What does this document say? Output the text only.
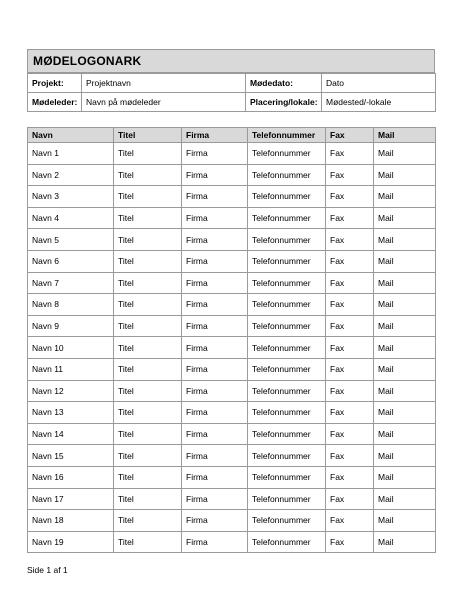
MØDELOGONARK
Projekt:	Projektnavn	Mødedato:	Dato
Mødeleder:	Navn på mødeleder	Placering/lokale:	Mødested/-lokale
Navn	Titel	Firma	Telefonnummer	Fax	Mail
Navn 1	Titel	Firma	Telefonnummer	Fax	Mail
Navn 2	Titel	Firma	Telefonnummer	Fax	Mail
Navn 3	Titel	Firma	Telefonnummer	Fax	Mail
Navn 4	Titel	Firma	Telefonnummer	Fax	Mail
Navn 5	Titel	Firma	Telefonnummer	Fax	Mail
Navn 6	Titel	Firma	Telefonnummer	Fax	Mail
Navn 7	Titel	Firma	Telefonnummer	Fax	Mail
Navn 8	Titel	Firma	Telefonnummer	Fax	Mail
Navn 9	Titel	Firma	Telefonnummer	Fax	Mail
Navn 10	Titel	Firma	Telefonnummer	Fax	Mail
Navn 11	Titel	Firma	Telefonnummer	Fax	Mail
Navn 12	Titel	Firma	Telefonnummer	Fax	Mail
Navn 13	Titel	Firma	Telefonnummer	Fax	Mail
Navn 14	Titel	Firma	Telefonnummer	Fax	Mail
Navn 15	Titel	Firma	Telefonnummer	Fax	Mail
Navn 16	Titel	Firma	Telefonnummer	Fax	Mail
Navn 17	Titel	Firma	Telefonnummer	Fax	Mail
Navn 18	Titel	Firma	Telefonnummer	Fax	Mail
Navn 19	Titel	Firma	Telefonnummer	Fax	Mail
Side 1 af 1
